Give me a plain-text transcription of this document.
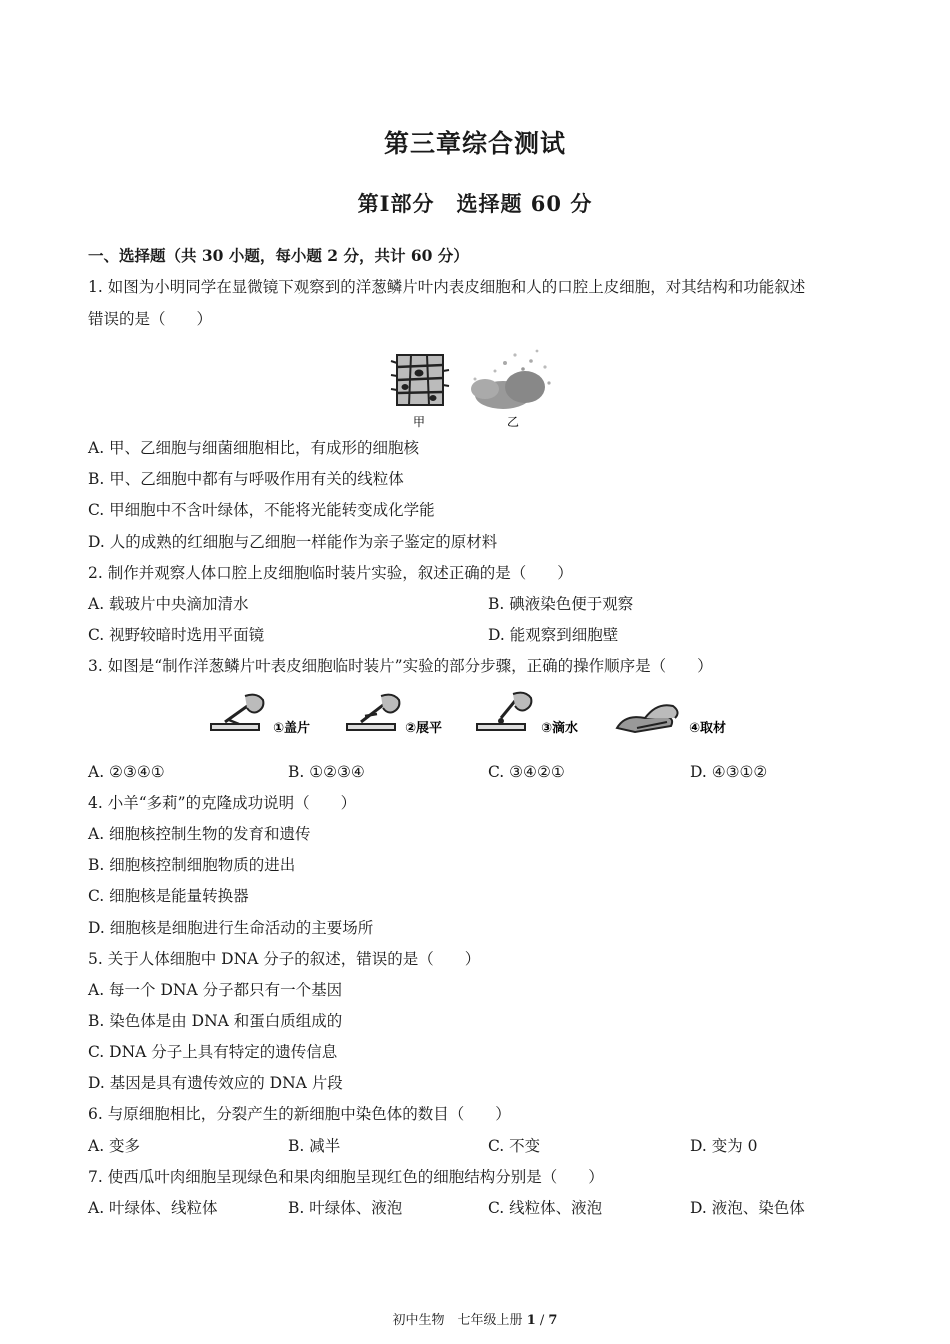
第三章综合测试
第Ⅰ部分　选择题 60 分
一、选择题（共 30 小题，每小题 2 分，共计 60 分）
1. 如图为小明同学在显微镜下观察到的洋葱鳞片叶内表皮细胞和人的口腔上皮细胞，对其结构和功能叙述
错误的是（　　）
甲	乙
A. 甲、乙细胞与细菌细胞相比，有成形的细胞核
B. 甲、乙细胞中都有与呼吸作用有关的线粒体
C. 甲细胞中不含叶绿体，不能将光能转变成化学能
D. 人的成熟的红细胞与乙细胞一样能作为亲子鉴定的原材料
2. 制作并观察人体口腔上皮细胞临时装片实验，叙述正确的是（　　）
A. 载玻片中央滴加清水	B. 碘液染色便于观察
C. 视野较暗时选用平面镜	D. 能观察到细胞壁
3. 如图是“制作洋葱鳞片叶表皮细胞临时装片”实验的部分步骤，正确的操作顺序是（　　）
①盖片	②展平	③滴水	④取材
A. ②③④①	B. ①②③④	C. ③④②①	D. ④③①②
4. 小羊“多莉”的克隆成功说明（　　）
A. 细胞核控制生物的发育和遗传
B. 细胞核控制细胞物质的进出
C. 细胞核是能量转换器
D. 细胞核是细胞进行生命活动的主要场所
5. 关于人体细胞中 DNA 分子的叙述，错误的是（　　）
A. 每一个 DNA 分子都只有一个基因
B. 染色体是由 DNA 和蛋白质组成的
C. DNA 分子上具有特定的遗传信息
D. 基因是具有遗传效应的 DNA 片段
6. 与原细胞相比，分裂产生的新细胞中染色体的数目（　　）
A. 变多	B. 减半	C. 不变	D. 变为 0
7. 使西瓜叶肉细胞呈现绿色和果肉细胞呈现红色的细胞结构分别是（　　）
A. 叶绿体、线粒体	B. 叶绿体、液泡	C. 线粒体、液泡	D. 液泡、染色体
初中生物　七年级上册 1 / 7
